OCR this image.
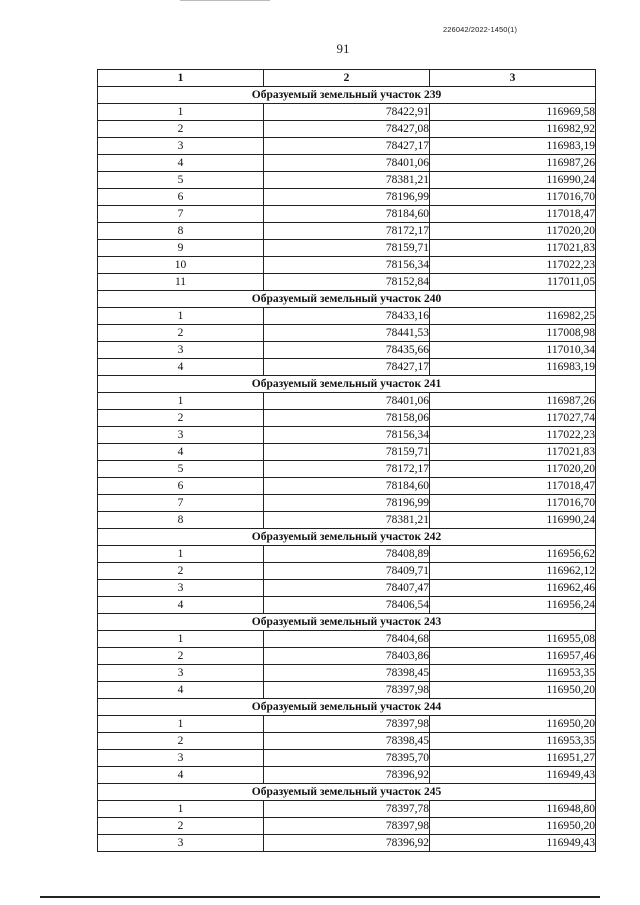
226042/2022-1450(1)
91
1	2	3
Образуемый земельный участок 239		
1	78422,91	116969,58
2	78427,08	116982,92
3	78427,17	116983,19
4	78401,06	116987,26
5	78381,21	116990,24
6	78196,99	117016,70
7	78184,60	117018,47
8	78172,17	117020,20
9	78159,71	117021,83
10	78156,34	117022,23
11	78152,84	117011,05
Образуемый земельный участок 240		
1	78433,16	116982,25
2	78441,53	117008,98
3	78435,66	117010,34
4	78427,17	116983,19
Образуемый земельный участок 241		
1	78401,06	116987,26
2	78158,06	117027,74
3	78156,34	117022,23
4	78159,71	117021,83
5	78172,17	117020,20
6	78184,60	117018,47
7	78196,99	117016,70
8	78381,21	116990,24
Образуемый земельный участок 242		
1	78408,89	116956,62
2	78409,71	116962,12
3	78407,47	116962,46
4	78406,54	116956,24
Образуемый земельный участок 243		
1	78404,68	116955,08
2	78403,86	116957,46
3	78398,45	116953,35
4	78397,98	116950,20
Образуемый земельный участок 244		
1	78397,98	116950,20
2	78398,45	116953,35
3	78395,70	116951,27
4	78396,92	116949,43
Образуемый земельный участок 245		
1	78397,78	116948,80
2	78397,98	116950,20
3	78396,92	116949,43
